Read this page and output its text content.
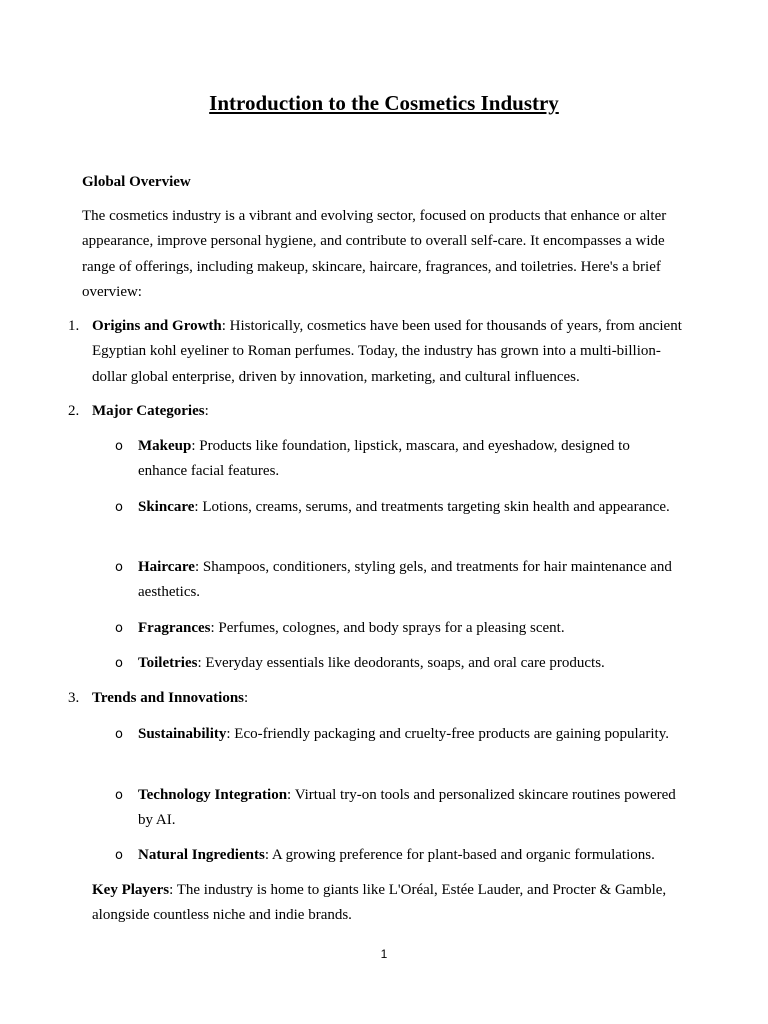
Introduction to the Cosmetics Industry
Global Overview

The cosmetics industry is a vibrant and evolving sector, focused on products that enhance or alter appearance, improve personal hygiene, and contribute to overall self-care. It encompasses a wide range of offerings, including makeup, skincare, haircare, fragrances, and toiletries. Here's a brief overview:

1. Origins and Growth: Historically, cosmetics have been used for thousands of years, from ancient Egyptian kohl eyeliner to Roman perfumes. Today, the industry has grown into a multi-billion-dollar global enterprise, driven by innovation, marketing, and cultural influences.
2. Major Categories:
o Makeup: Products like foundation, lipstick, mascara, and eyeshadow, designed to enhance facial features.
o Skincare: Lotions, creams, serums, and treatments targeting skin health and appearance.
o Haircare: Shampoos, conditioners, styling gels, and treatments for hair maintenance and aesthetics.
o Fragrances: Perfumes, colognes, and body sprays for a pleasing scent.
o Toiletries: Everyday essentials like deodorants, soaps, and oral care products.
3. Trends and Innovations:
o Sustainability: Eco-friendly packaging and cruelty-free products are gaining popularity.
o Technology Integration: Virtual try-on tools and personalized skincare routines powered by AI.
o Natural Ingredients: A growing preference for plant-based and organic formulations.
Key Players: The industry is home to giants like L'Oréal, Estée Lauder, and Procter & Gamble, alongside countless niche and indie brands.
1
